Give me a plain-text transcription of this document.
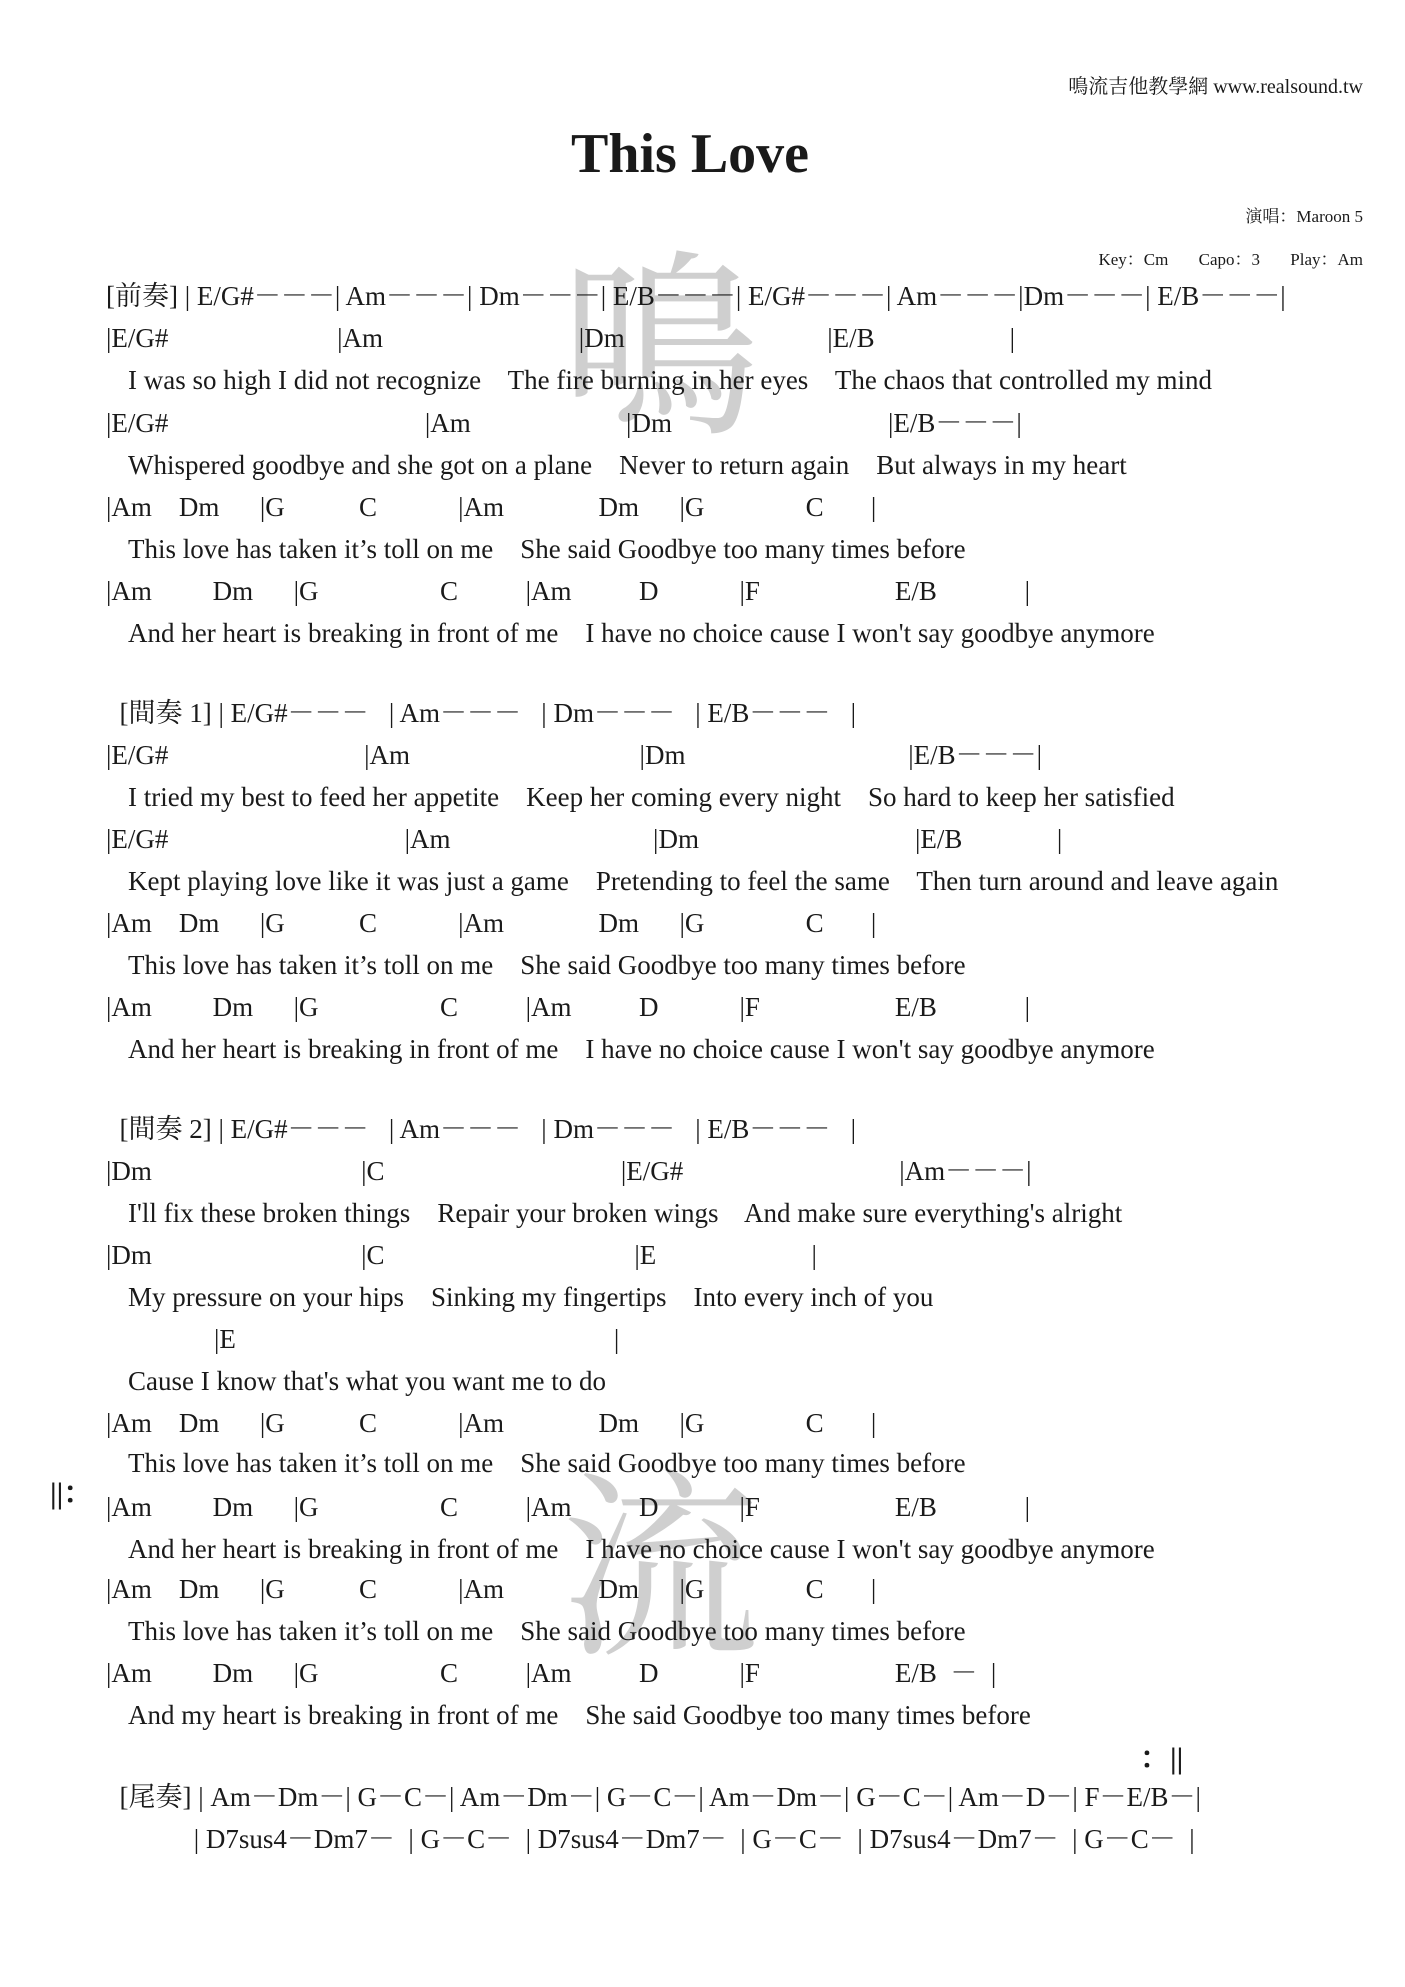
鳴流吉他教學網 www.realsound.tw
This Love
演唱：Maroon 5
Key：Cm Capo：3 Play：Am
鳴
流
||：
：||
[前奏] | E/G#－－－| Am－－－| Dm－－－| E/B－－－| E/G#－－－| Am－－－|Dm－－－| E/B－－－|
|E/G#                         |Am                             |Dm                              |E/B                    |
I was so high I did not recognize    The fire burning in her eyes    The chaos that controlled my mind
|E/G#                                      |Am                       |Dm                                |E/B－－－|
Whispered goodbye and she got on a plane    Never to return again    But always in my heart
|Am    Dm      |G           C            |Am              Dm      |G               C       |
This love has taken it’s toll on me    She said Goodbye too many times before
|Am         Dm      |G                  C          |Am          D            |F                    E/B             |
And her heart is breaking in front of me    I have no choice cause I won't say goodbye anymore
[間奏 1] | E/G#－－－   | Am－－－   | Dm－－－   | E/B－－－   |
|E/G#                             |Am                                  |Dm                                 |E/B－－－|
I tried my best to feed her appetite    Keep her coming every night    So hard to keep her satisfied
|E/G#                                   |Am                              |Dm                                |E/B              |
Kept playing love like it was just a game    Pretending to feel the same    Then turn around and leave again
|Am    Dm      |G           C            |Am              Dm      |G               C       |
This love has taken it’s toll on me    She said Goodbye too many times before
|Am         Dm      |G                  C          |Am          D            |F                    E/B             |
And her heart is breaking in front of me    I have no choice cause I won't say goodbye anymore
[間奏 2] | E/G#－－－   | Am－－－   | Dm－－－   | E/B－－－   |
|Dm                               |C                                   |E/G#                                |Am－－－|
I'll fix these broken things    Repair your broken wings    And make sure everything's alright
|Dm                               |C                                     |E                       |
My pressure on your hips    Sinking my fingertips    Into every inch of you
|E                                                        |
Cause I know that's what you want me to do
|Am    Dm      |G           C            |Am              Dm      |G               C       |
This love has taken it’s toll on me    She said Goodbye too many times before
|Am         Dm      |G                  C          |Am          D            |F                    E/B             |
And her heart is breaking in front of me    I have no choice cause I won't say goodbye anymore
|Am    Dm      |G           C            |Am              Dm      |G               C       |
This love has taken it’s toll on me    She said Goodbye too many times before
|Am         Dm      |G                  C          |Am          D            |F                    E/B  －  |
And my heart is breaking in front of me    She said Goodbye too many times before
[尾奏] | Am－Dm－| G－C－| Am－Dm－| G－C－| Am－Dm－| G－C－| Am－D－| F－E/B－|
| D7sus4－Dm7－  | G－C－  | D7sus4－Dm7－  | G－C－  | D7sus4－Dm7－  | G－C－  |
